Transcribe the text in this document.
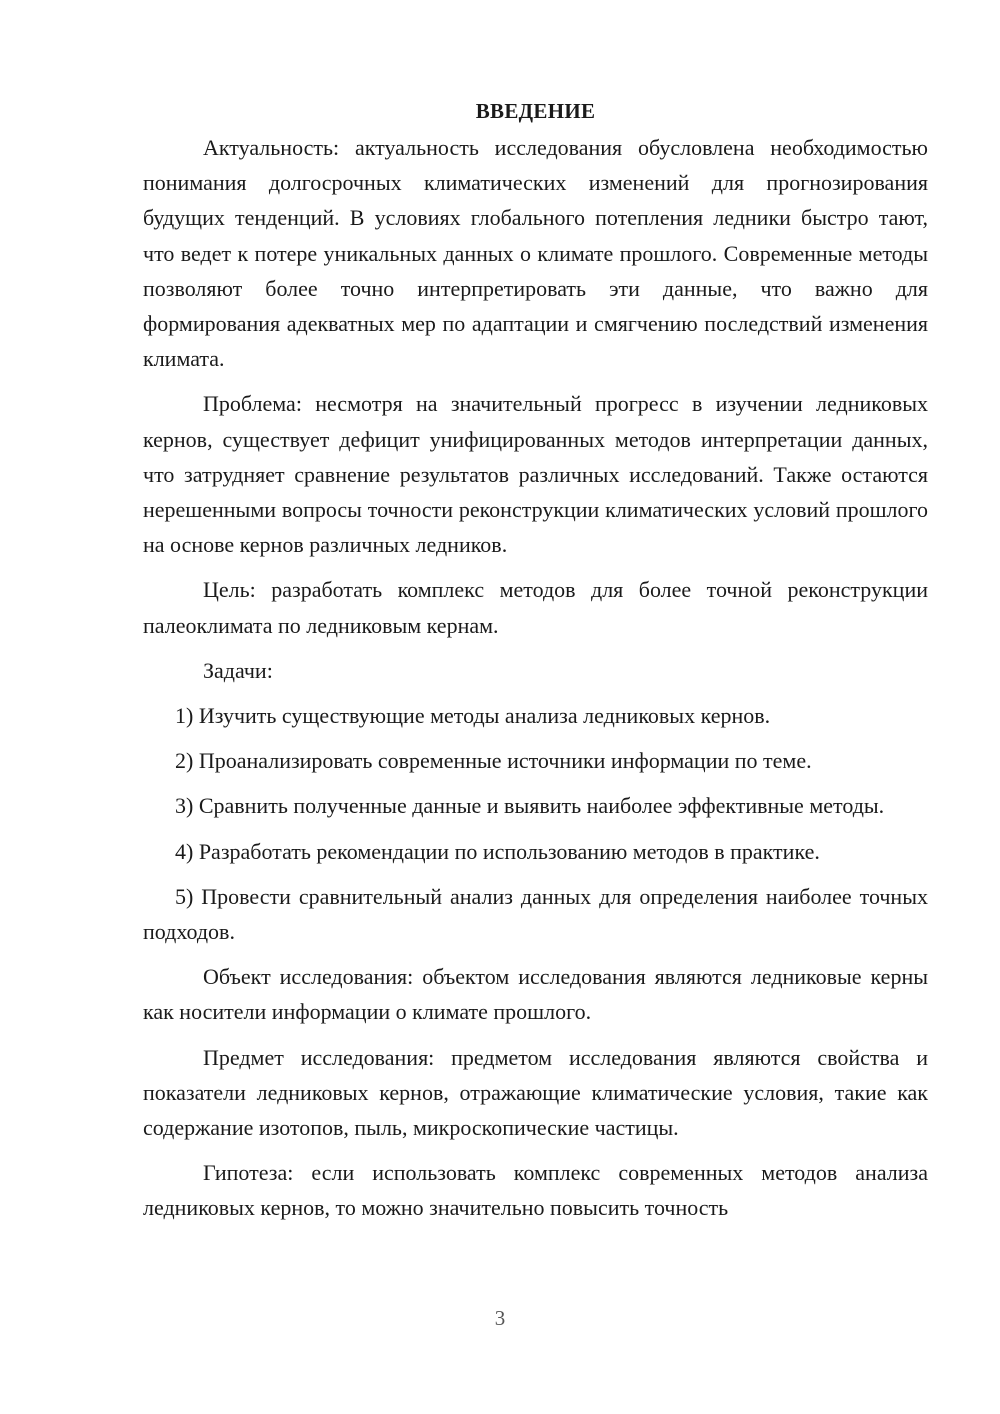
ВВЕДЕНИЕ
Актуальность: актуальность исследования обусловлена необходимостью понимания долгосрочных климатических изменений для прогнозирования будущих тенденций. В условиях глобального потепления ледники быстро тают, что ведет к потере уникальных данных о климате прошлого. Современные методы позволяют более точно интерпретировать эти данные, что важно для формирования адекватных мер по адаптации и смягчению последствий изменения климата.
Проблема: несмотря на значительный прогресс в изучении ледниковых кернов, существует дефицит унифицированных методов интерпретации данных, что затрудняет сравнение результатов различных исследований. Также остаются нерешенными вопросы точности реконструкции климатических условий прошлого на основе кернов различных ледников.
Цель: разработать комплекс методов для более точной реконструкции палеоклимата по ледниковым кернам.
Задачи:
1) Изучить существующие методы анализа ледниковых кернов.
2) Проанализировать современные источники информации по теме.
3) Сравнить полученные данные и выявить наиболее эффективные методы.
4) Разработать рекомендации по использованию методов в практике.
5) Провести сравнительный анализ данных для определения наиболее точных подходов.
Объект исследования: объектом исследования являются ледниковые керны как носители информации о климате прошлого.
Предмет исследования: предметом исследования являются свойства и показатели ледниковых кернов, отражающие климатические условия, такие как содержание изотопов, пыль, микроскопические частицы.
Гипотеза: если использовать комплекс современных методов анализа ледниковых кернов, то можно значительно повысить точность
3
